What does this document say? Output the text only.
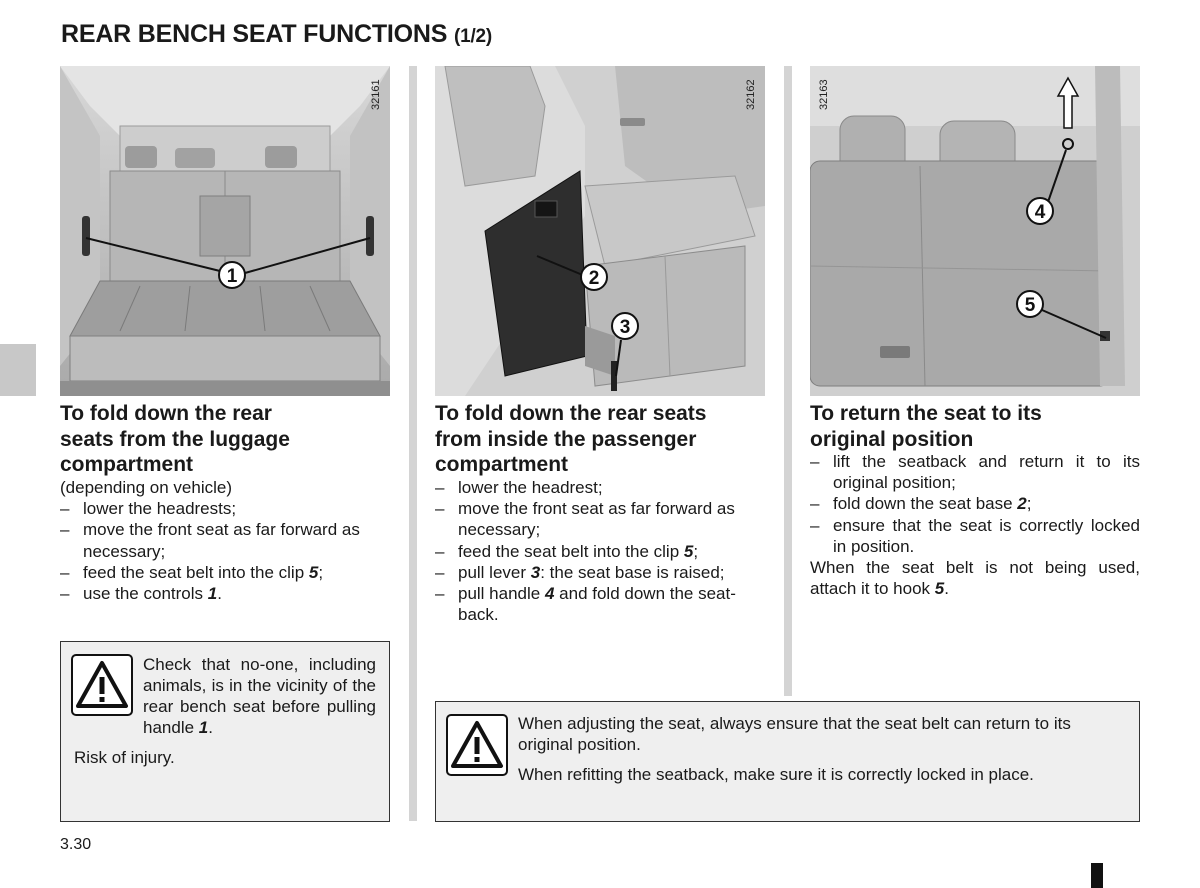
REAR BENCH SEAT FUNCTIONS (1/2)
1
32161
2
3
32162
4
5
32163
To fold down the rear
seats from the luggage
compartment

(depending on vehicle)

– lower the headrests;
– move the front seat as far forward as necessary;
– feed the seat belt into the clip 5;
– use the controls 1.
To fold down the rear seats
from inside the passenger
compartment
– lower the headrest;
– move the front seat as far forward as necessary;
– feed the seat belt into the clip 5;
– pull lever 3: the seat base is raised;
– pull handle 4 and fold down the seat-back.
To return the seat to its
original position
– lift the seatback and return it to its original position;
– fold down the seat base 2;
– ensure that the seat is correctly locked in position.

When the seat belt is not being used, attach it to hook 5.

Check that no-one, including animals, is in the vicinity of the rear bench seat before pulling handle 1.

Risk of injury.

When adjusting the seat, always ensure that the seat belt can return to its original position.

When refitting the seatback, make sure it is correctly locked in place.

3.30
